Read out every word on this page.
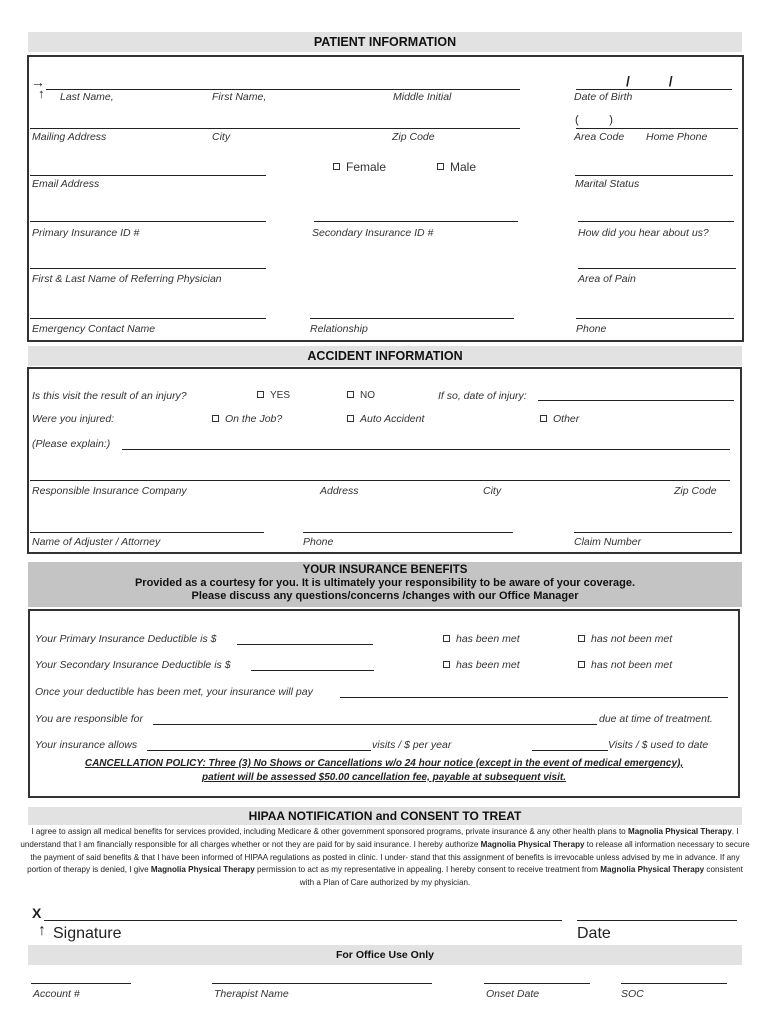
PATIENT INFORMATION
→
↑ Last Name,	First Name,	Middle Initial
/          /
Date of Birth
Mailing Address	City	Zip Code
(          )
Area Code Home Phone
Female	Male
Email Address	Marital Status
Primary Insurance ID #	Secondary Insurance ID #	How did you hear about us?
First & Last Name of Referring Physician	Area of Pain
Emergency Contact Name	Relationship	Phone
ACCIDENT INFORMATION
Is this visit the result of an injury?	YES	NO	If so, date of injury:
Were you injured:	On the Job?	Auto Accident	Other
(Please explain:)
Responsible Insurance Company	Address	City	Zip Code
Name of Adjuster / Attorney	Phone	Claim Number
YOUR INSURANCE BENEFITS
Provided as a courtesy for you. It is ultimately your responsibility to be aware of your coverage.
Please discuss any questions/concerns /changes with our Office Manager
Your Primary Insurance Deductible is $	has been met	has not been met
Your Secondary Insurance Deductible is $	has been met	has not been met
Once your deductible has been met, your insurance will pay
You are responsible for	due at time of treatment.
Your insurance allows	visits / $ per year	Visits / $ used to date
CANCELLATION POLICY: Three (3) No Shows or Cancellations w/o 24 hour notice (except in the event of medical emergency),
patient will be assessed $50.00 cancellation fee, payable at subsequent visit.
HIPAA NOTIFICATION and CONSENT TO TREAT
I agree to assign all medical benefits for services provided, including Medicare & other government sponsored programs, private insurance & any other health plans to Magnolia Physical Therapy. I understand that I am financially responsible for all charges whether or not they are paid for by said insurance. I hereby authorize Magnolia Physical Therapy to release all information necessary to secure the payment of said benefits & that I have been informed of HIPAA regulations as posted in clinic. I under- stand that this assignment of benefits is irrevocable unless advised by me in advance. If any portion of therapy is denied, I give Magnolia Physical Therapy permission to act as my representative in appealing. I hereby consent to receive treatment from Magnolia Physical Therapy consistent with a Plan of Care authorized by my physician.
X
↑ Signature	Date
For Office Use Only
Account #	Therapist Name	Onset Date	SOC
